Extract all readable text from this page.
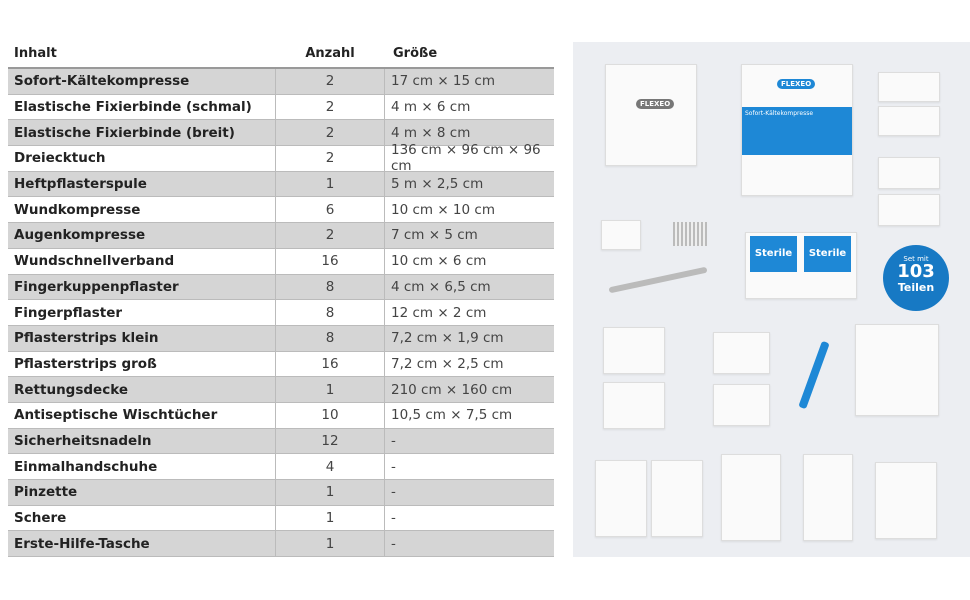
Inhalt	Anzahl	Größe
Sofort-Kältekompresse	2	17 cm × 15 cm
Elastische Fixierbinde (schmal)	2	4 m × 6 cm
Elastische Fixierbinde (breit)	2	4 m × 8 cm
Dreiecktuch	2	136 cm × 96 cm × 96 cm
Heftpflasterspule	1	5 m × 2,5 cm
Wundkompresse	6	10 cm × 10 cm
Augenkompresse	2	7 cm × 5 cm
Wundschnellverband	16	10 cm × 6 cm
Fingerkuppenpflaster	8	4 cm × 6,5 cm
Fingerpflaster	8	12 cm × 2 cm
Pflasterstrips klein	8	7,2 cm × 1,9 cm
Pflasterstrips groß	16	7,2 cm × 2,5 cm
Rettungsdecke	1	210 cm × 160 cm
Antiseptische Wischtücher	10	10,5 cm × 7,5 cm
Sicherheitsnadeln	12	-
Einmalhandschuhe	4	-
Pinzette	1	-
Schere	1	-
Erste-Hilfe-Tasche	1	-
FLEXEO
FLEXEO
Sofort-Kältekompresse
Sterile	Sterile	Set mit
103
Teilen
